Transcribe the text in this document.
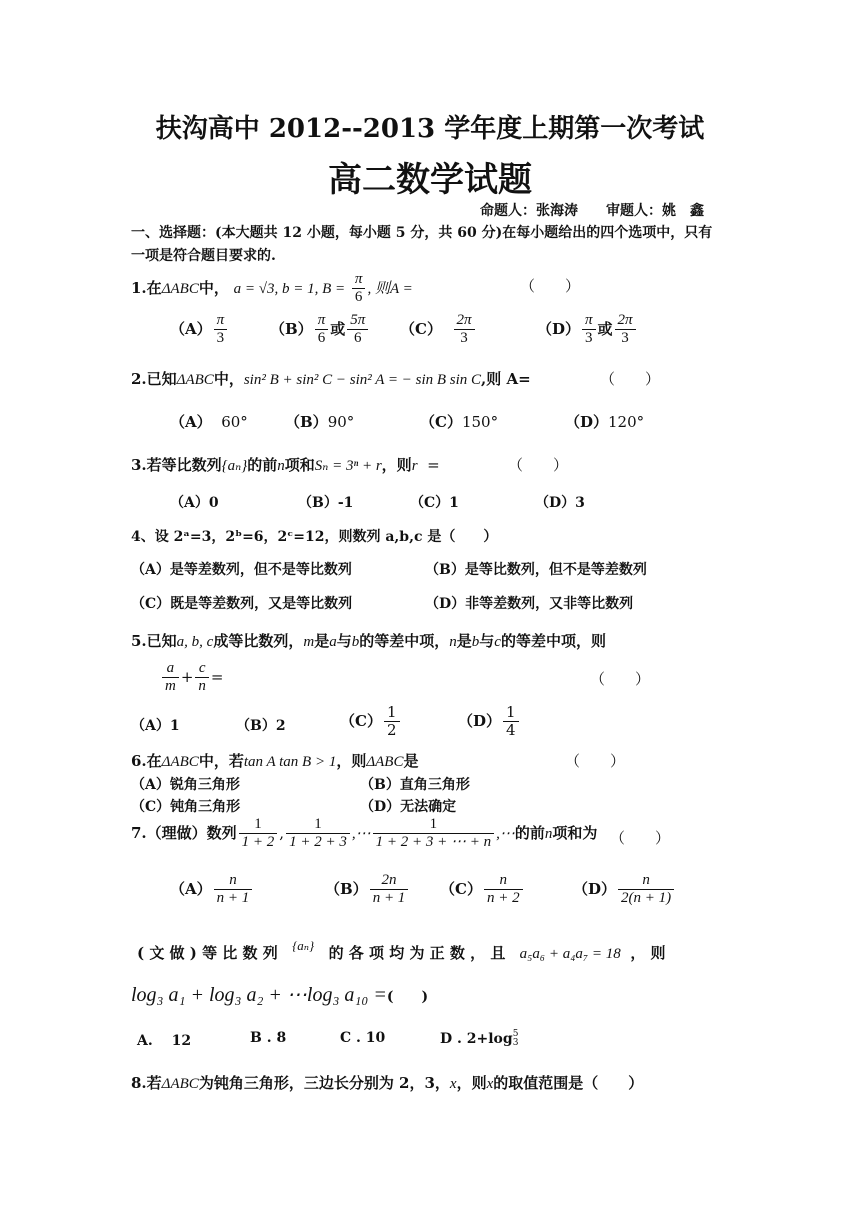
扶沟高中 2012--2013 学年度上期第一次考试
高二数学试题
命题人：张海涛　　审题人：姚　鑫
一、选择题：(本大题共 12 小题，每小题 5 分，共 60 分)在每小题给出的四个选项中，只有
一项是符合题目要求的.
1.在ΔABC中， a = √3, b = 1, $B = \frac{\pi}{6}$ , 则A =	（　　）
$(A) \frac{\pi}{3}$	$(B) \frac{\pi}{6}$ 或 $\frac{5\pi}{6} (C) \frac{2\pi}{3}$	$(D) \frac{\pi}{3}$ 或 $\frac{2\pi}{3}$
2.已知ΔABC中，sin² B + sin² C − sin² A = − sin B sin C,则 A=	（　　）
（A） 60° （B）90°	（C）150°	（D）120°
3.若等比数列{aₙ}的前n项和Sₙ = 3ⁿ + r，则r =	（　　）
（A）0	（B）-1	（C）1	（D）3
4、设 2ᵃ=3，2ᵇ=6，2ᶜ=12，则数列 a,b,c 是（　　）
（A）是等差数列，但不是等比数列	（B）是等比数列，但不是等差数列
（C）既是等差数列，又是等比数列	（D）非等差数列，又非等比数列
5.已知a, b, c成等比数列，m是a与b的等差中项，n是b与c的等差中项，则
$\frac{a}{m} + \frac{c}{n}$ =	（　　）
（A）1	（B）2	$(C) \frac{1}{2}$	$(D) \frac{1}{4}$
6.在ΔABC中，若tan A tan B > 1，则ΔABC是	（　　）
（A）锐角三角形	（B）直角三角形
（C）钝角三角形	（D）无法确定
7.（理做）数列 $\frac{1}{1 + 2}$ , $\frac{1}{1 + 2 + 3}$ ,⋯ $\frac{1}{1 + 2 + 3 + \cdots + n}$ ,⋯的前n项和为 （　　）
$(A) \frac{n}{n + 1}$	$(B) \frac{2n}{n + 1} (C) \frac{n}{n + 2}$	$(D) \frac{n}{2(n + 1)}$
( 文 做 ) 等 比 数 列 {aₙ} 的 各 项 均 为 正 数 ， 且 a₅a₆ + a₄a₇ = 18 ， 则
log₃ a₁ + log₃ a₂ + ⋯log₃ a₁₀ =(　　)
A.　 12	B . 8	C . 10	D . 2+log 5
3
8.若ΔABC为钝角三角形，三边长分别为 2，3，x，则x的取值范围是（　　）
